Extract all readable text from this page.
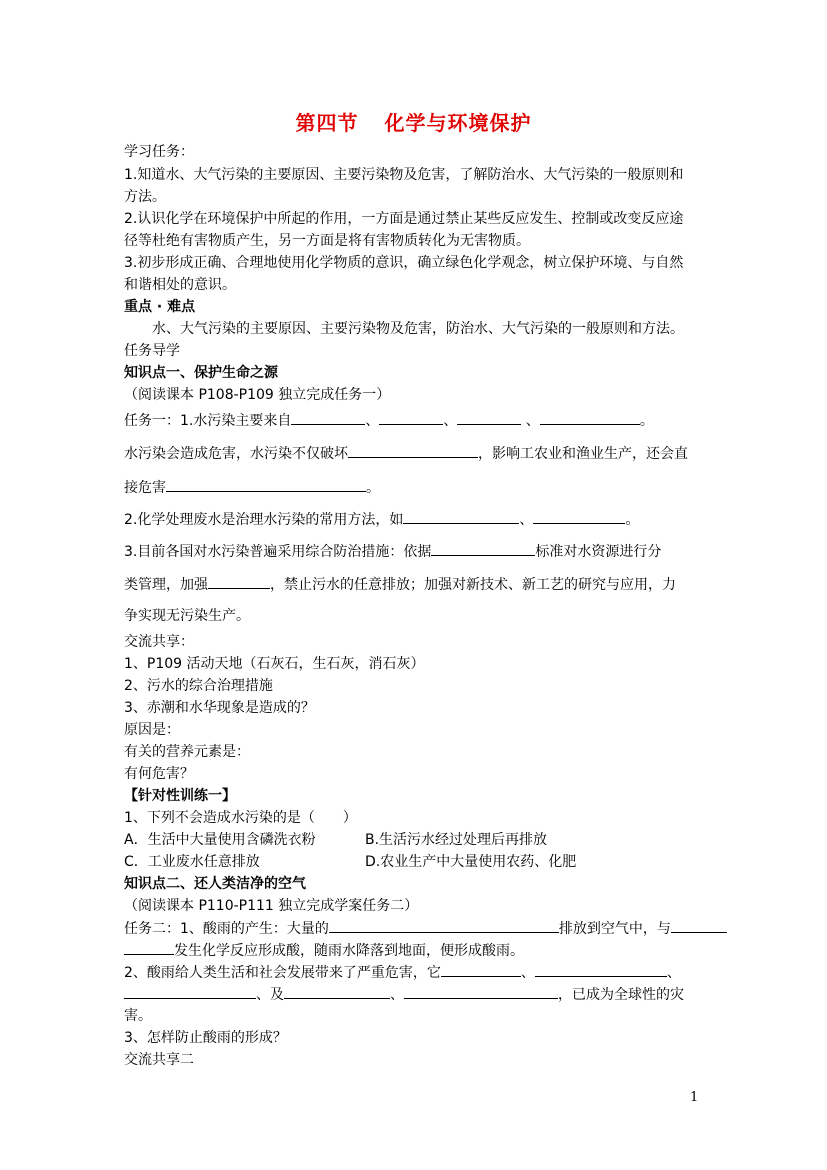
第四节 化学与环境保护
学习任务：
1.知道水、大气污染的主要原因、主要污染物及危害，了解防治水、大气污染的一般原则和
方法。
2.认识化学在环境保护中所起的作用，一方面是通过禁止某些反应发生、控制或改变反应途
径等杜绝有害物质产生，另一方面是将有害物质转化为无害物质。
3.初步形成正确、合理地使用化学物质的意识，确立绿色化学观念，树立保护环境、与自然
和谐相处的意识。
重点 · 难点
水、大气污染的主要原因、主要污染物及危害，防治水、大气污染的一般原则和方法。
任务导学
知识点一、保护生命之源
（阅读课本 P108-P109 独立完成任务一）
任务一：1.水污染主要来自	、	、	、	。
水污染会造成危害，水污染不仅破坏	，影响工农业和渔业生产，还会直
接危害	。
2.化学处理废水是治理水污染的常用方法，如	、	。
3.目前各国对水污染普遍采用综合防治措施：依据	标准对水资源进行分
类管理，加强	，禁止污水的任意排放；加强对新技术、新工艺的研究与应用，力
争实现无污染生产。
交流共享：
1、P109 活动天地（石灰石，生石灰，消石灰）
2、污水的综合治理措施
3、赤潮和水华现象是造成的？
原因是：
有关的营养元素是：
有何危害？
【针对性训练一】
1、下列不会造成水污染的是（　　）
A．生活中大量使用含磷洗衣粉	B.生活污水经过处理后再排放
C．工业废水任意排放	D.农业生产中大量使用农药、化肥
知识点二、还人类洁净的空气
（阅读课本 P110-P111 独立完成学案任务二）
任务二：1、酸雨的产生：大量的	排放到空气中，与
发生化学反应形成酸，随雨水降落到地面，便形成酸雨。
2、酸雨给人类生活和社会发展带来了严重危害，它	、	、
、及	、	，已成为全球性的灾
害。
3、怎样防止酸雨的形成？
交流共享二
1
